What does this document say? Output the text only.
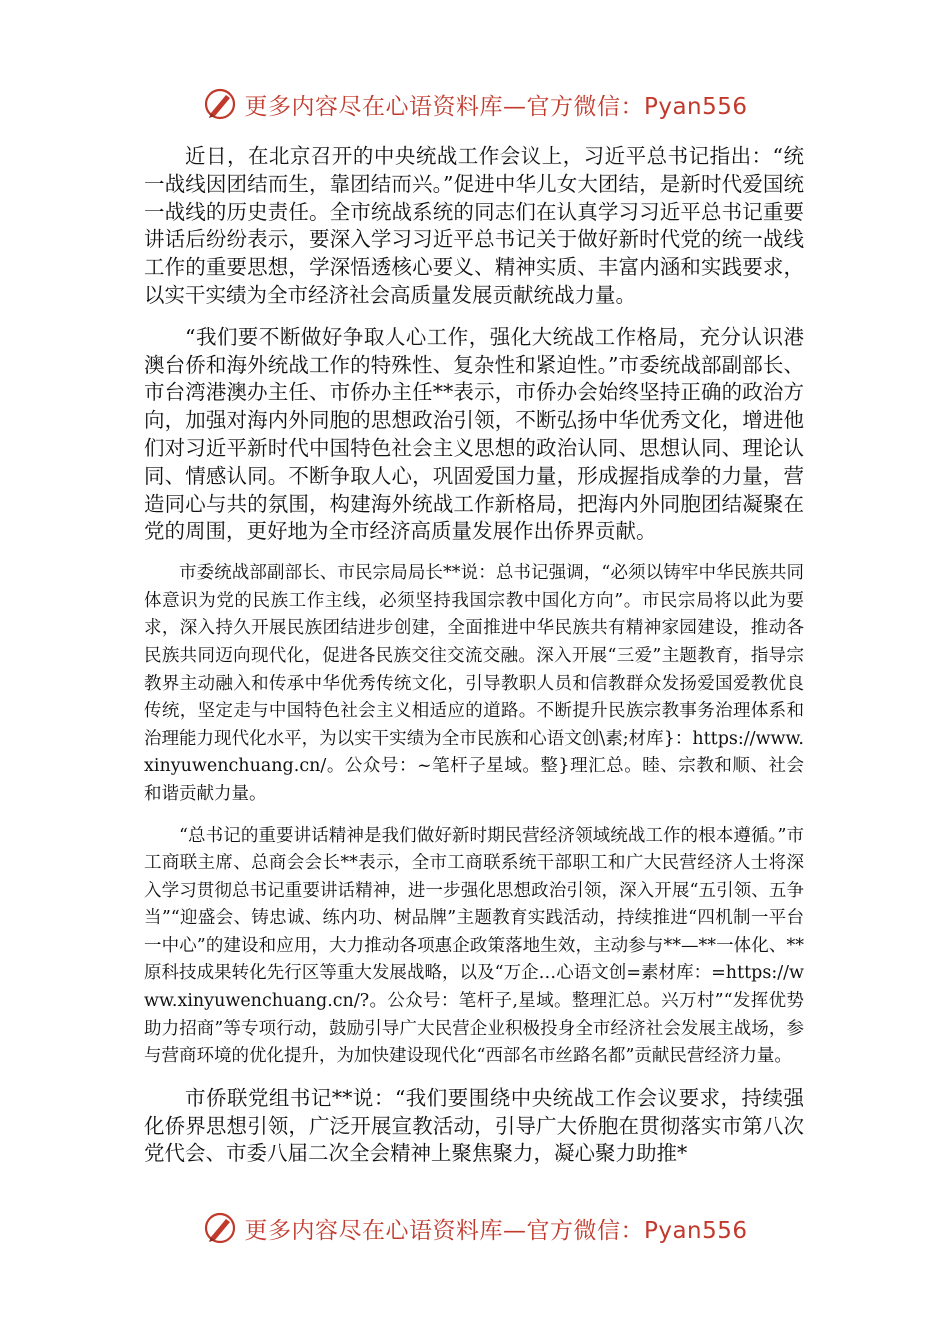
更多内容尽在心语资料库—官方微信：Pyan556

近日，在北京召开的中央统战工作会议上，习近平总书记指出：“统一战线因团结而生，靠团结而兴。”促进中华儿女大团结，是新时代爱国统一战线的历史责任。全市统战系统的同志们在认真学习习近平总书记重要讲话后纷纷表示，要深入学习习近平总书记关于做好新时代党的统一战线工作的重要思想，学深悟透核心要义、精神实质、丰富内涵和实践要求，以实干实绩为全市经济社会高质量发展贡献统战力量。

“我们要不断做好争取人心工作，强化大统战工作格局，充分认识港澳台侨和海外统战工作的特殊性、复杂性和紧迫性。”市委统战部副部长、市台湾港澳办主任、市侨办主任**表示，市侨办会始终坚持正确的政治方向，加强对海内外同胞的思想政治引领，不断弘扬中华优秀文化，增进他们对习近平新时代中国特色社会主义思想的政治认同、思想认同、理论认同、情感认同。不断争取人心，巩固爱国力量，形成握指成拳的力量，营造同心与共的氛围，构建海外统战工作新格局，把海内外同胞团结凝聚在党的周围，更好地为全市经济高质量发展作出侨界贡献。

市委统战部副部长、市民宗局局长**说：总书记强调，“必须以铸牢中华民族共同体意识为党的民族工作主线，必须坚持我国宗教中国化方向”。市民宗局将以此为要求，深入持久开展民族团结进步创建，全面推进中华民族共有精神家园建设，推动各民族共同迈向现代化，促进各民族交往交流交融。深入开展“三爱”主题教育，指导宗教界主动融入和传承中华优秀传统文化，引导教职人员和信教群众发扬爱国爱教优良传统，坚定走与中国特色社会主义相适应的道路。不断提升民族宗教事务治理体系和治理能力现代化水平，为以实干实绩为全市民族和心语文创\素;材库}：https://www.xinyuwenchuang.cn/。公众号：~笔杆子星域。整}理汇总。睦、宗教和顺、社会和谐贡献力量。

“总书记的重要讲话精神是我们做好新时期民营经济领域统战工作的根本遵循。”市工商联主席、总商会会长**表示，全市工商联系统干部职工和广大民营经济人士将深入学习贯彻总书记重要讲话精神，进一步强化思想政治引领，深入开展“五引领、五争当”“迎盛会、铸忠诚、练内功、树品牌”主题教育实践活动，持续推进“四机制一平台一中心”的建设和应用，大力推动各项惠企政策落地生效，主动参与**—**一体化、**原科技成果转化先行区等重大发展战略，以及“万企…心语文创=素材库：=https://www.xinyuwenchuang.cn/?。公众号：笔杆子,星域。整理汇总。兴万村”“发挥优势助力招商”等专项行动，鼓励引导广大民营企业积极投身全市经济社会发展主战场，参与营商环境的优化提升，为加快建设现代化“西部名市丝路名都”贡献民营经济力量。

市侨联党组书记**说：“我们要围绕中央统战工作会议要求，持续强化侨界思想引领，广泛开展宣教活动，引导广大侨胞在贯彻落实市第八次党代会、市委八届二次全会精神上聚焦聚力，凝心聚力助推*

更多内容尽在心语资料库—官方微信：Pyan556
